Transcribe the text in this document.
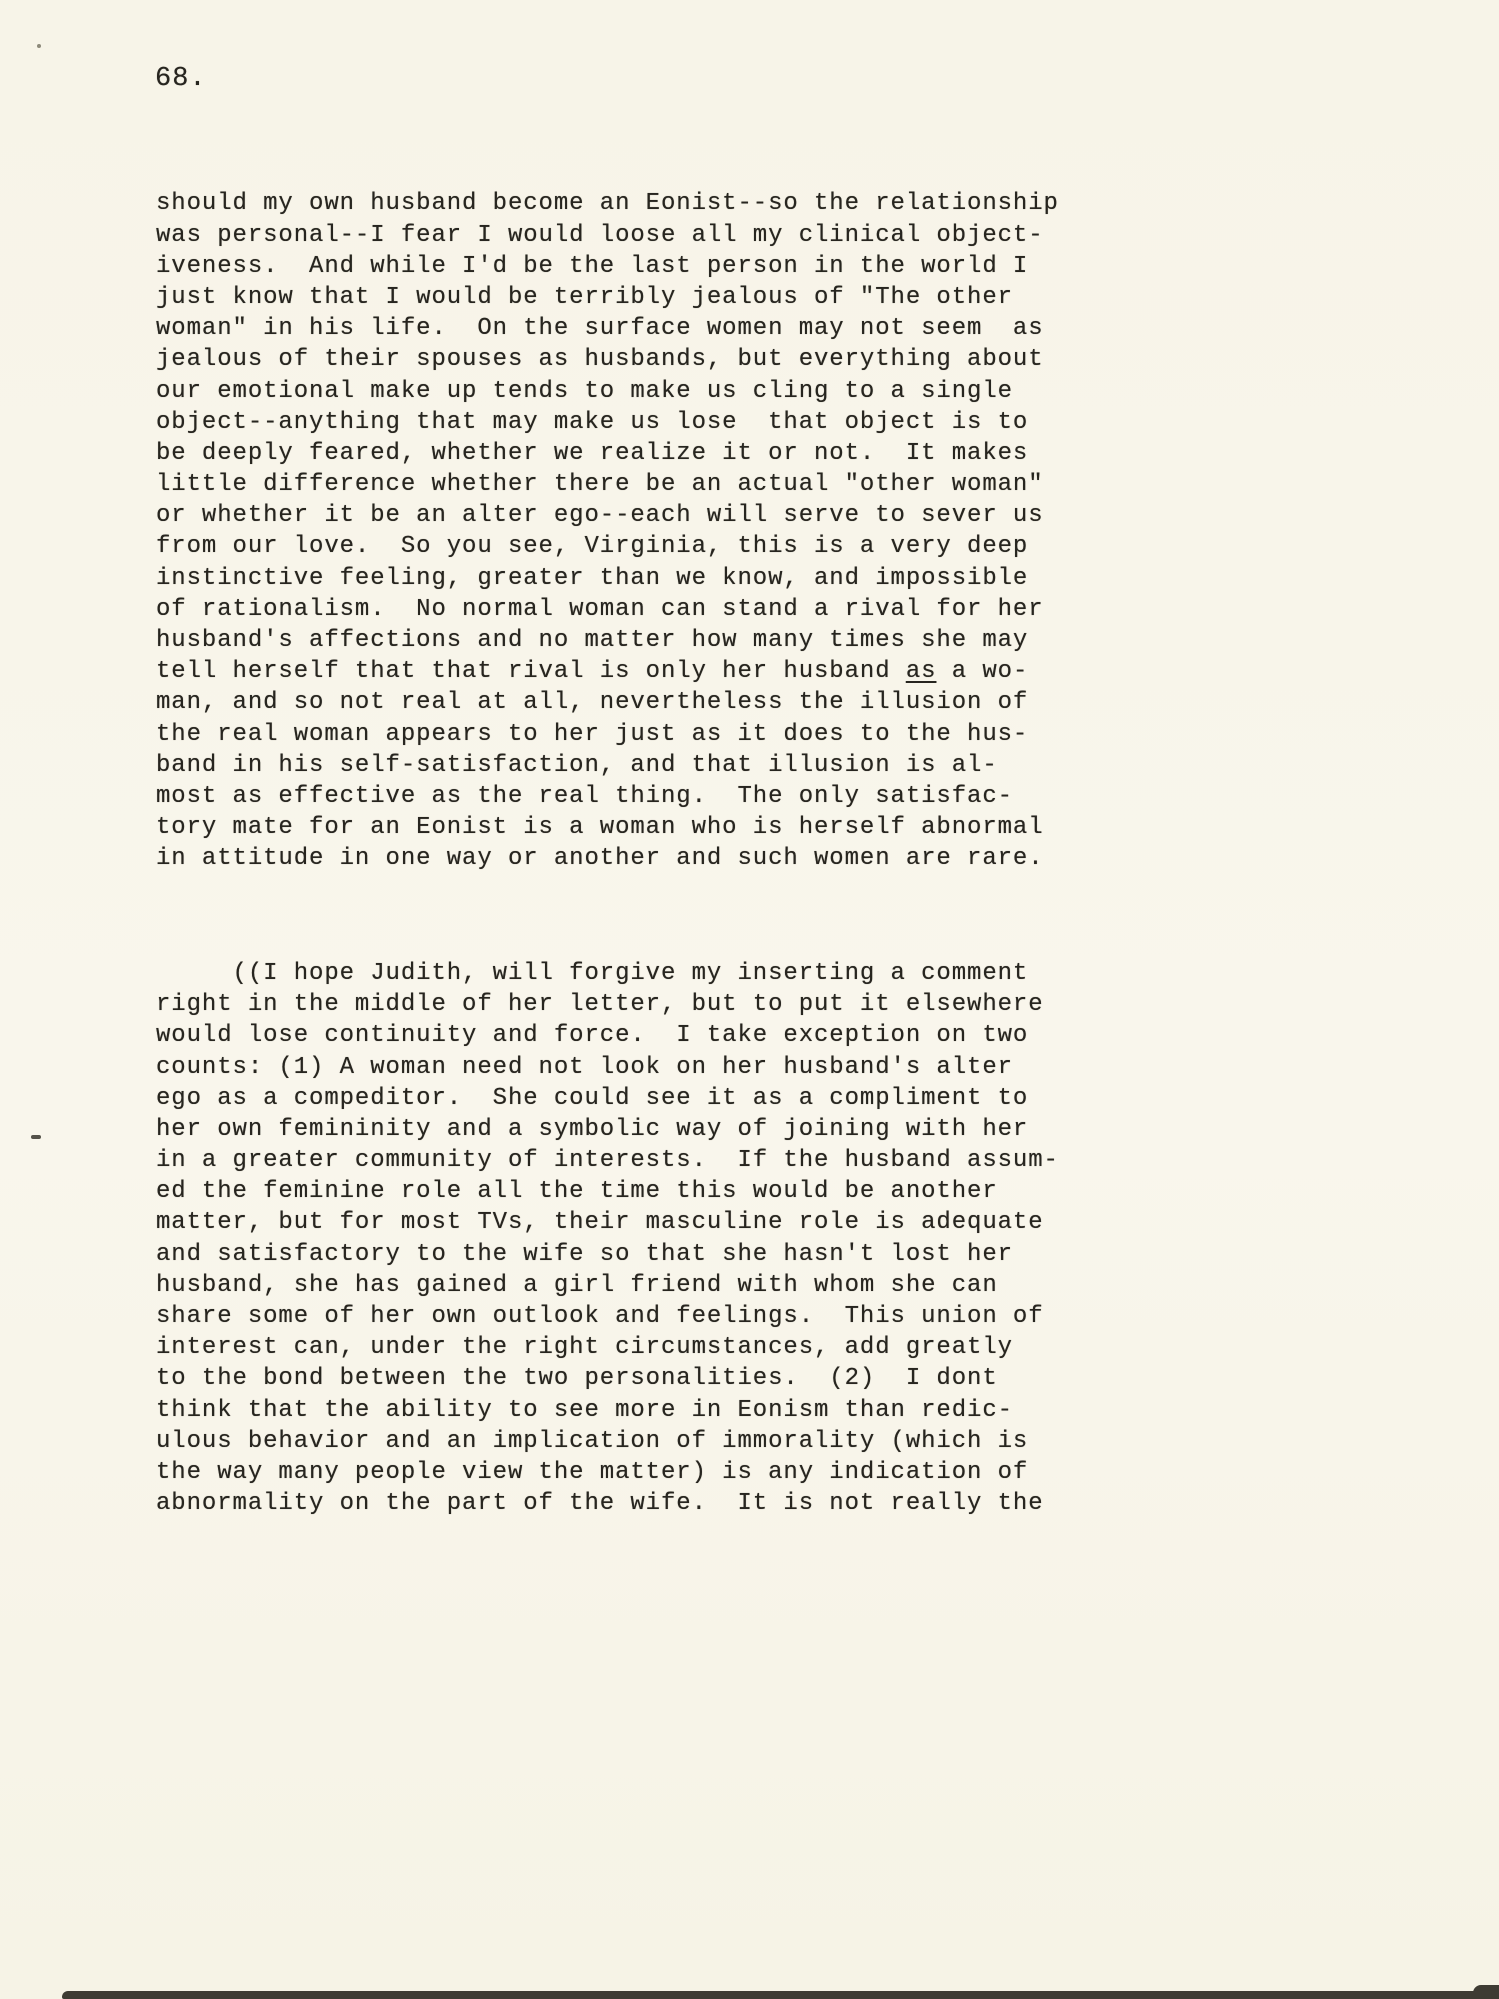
68.

should my own husband become an Eonist--so the relationship
was personal--I fear I would loose all my clinical object-
iveness.  And while I'd be the last person in the world I
just know that I would be terribly jealous of "The other
woman" in his life.  On the surface women may not seem  as
jealous of their spouses as husbands, but everything about
our emotional make up tends to make us cling to a single
object--anything that may make us lose  that object is to
be deeply feared, whether we realize it or not.  It makes
little difference whether there be an actual "other woman"
or whether it be an alter ego--each will serve to sever us
from our love.  So you see, Virginia, this is a very deep
instinctive feeling, greater than we know, and impossible
of rationalism.  No normal woman can stand a rival for her
husband's affections and no matter how many times she may
tell herself that that rival is only her husband as a wo-
man, and so not real at all, nevertheless the illusion of
the real woman appears to her just as it does to the hus-
band in his self-satisfaction, and that illusion is al-
most as effective as the real thing.  The only satisfac-
tory mate for an Eonist is a woman who is herself abnormal
in attitude in one way or another and such women are rare.

((I hope Judith, will forgive my inserting a comment
right in the middle of her letter, but to put it elsewhere
would lose continuity and force.  I take exception on two
counts: (1) A woman need not look on her husband's alter
ego as a compeditor.  She could see it as a compliment to
her own femininity and a symbolic way of joining with her
in a greater community of interests.  If the husband assum-
ed the feminine role all the time this would be another
matter, but for most TVs, their masculine role is adequate
and satisfactory to the wife so that she hasn't lost her
husband, she has gained a girl friend with whom she can
share some of her own outlook and feelings.  This union of
interest can, under the right circumstances, add greatly
to the bond between the two personalities.  (2)  I dont
think that the ability to see more in Eonism than redic-
ulous behavior and an implication of immorality (which is
the way many people view the matter) is any indication of
abnormality on the part of the wife.  It is not really the
